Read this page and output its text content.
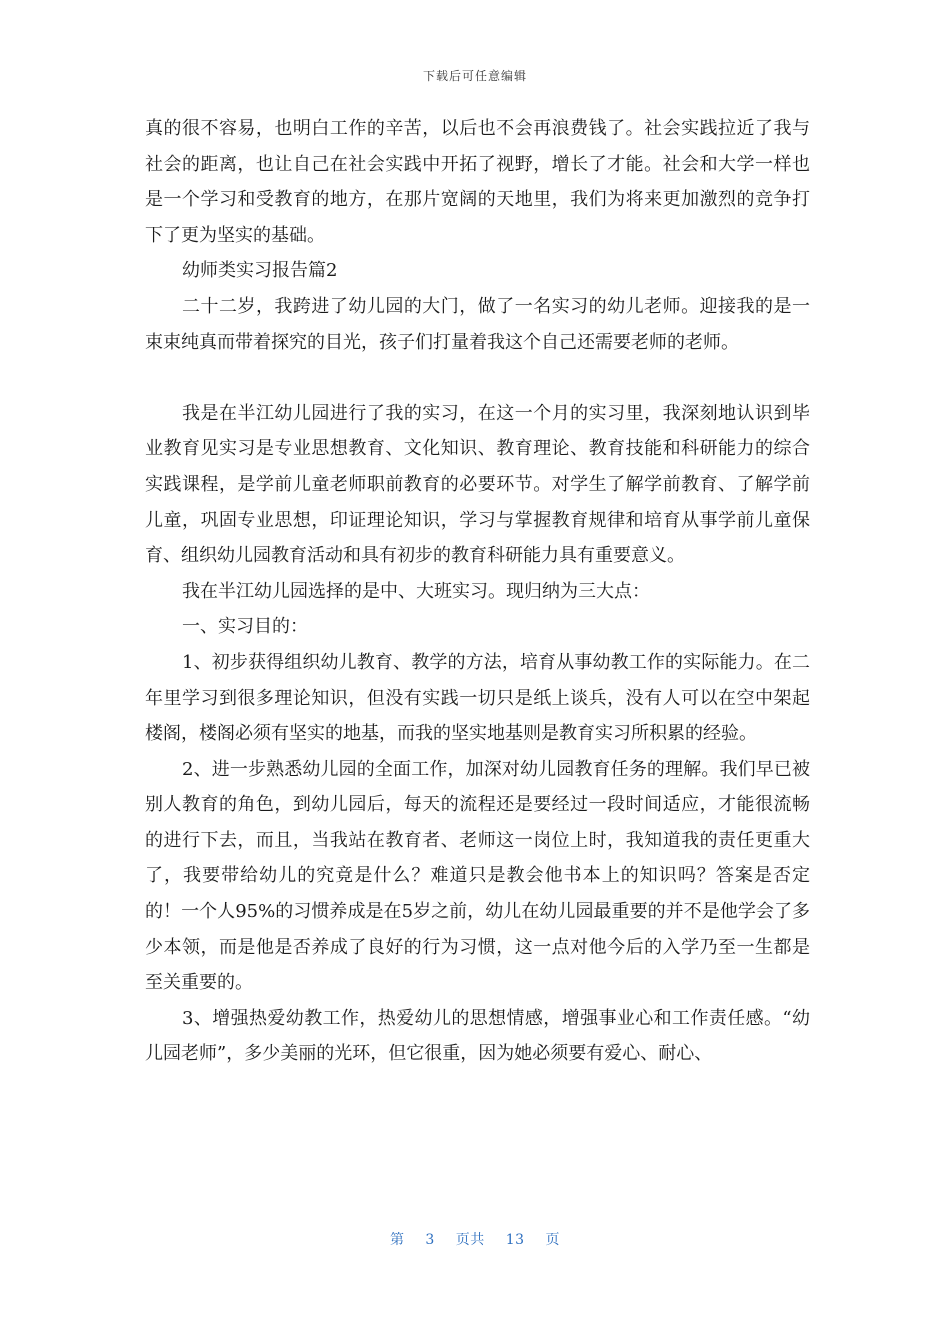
下载后可任意编辑

真的很不容易，也明白工作的辛苦，以后也不会再浪费钱了。社会实践拉近了我与社会的距离，也让自己在社会实践中开拓了视野，增长了才能。社会和大学一样也是一个学习和受教育的地方，在那片宽阔的天地里，我们为将来更加激烈的竞争打下了更为坚实的基础。

幼师类实习报告篇2

二十二岁，我跨进了幼儿园的大门，做了一名实习的幼儿老师。迎接我的是一束束纯真而带着探究的目光，孩子们打量着我这个自己还需要老师的老师。

我是在半江幼儿园进行了我的实习，在这一个月的实习里，我深刻地认识到毕业教育见实习是专业思想教育、文化知识、教育理论、教育技能和科研能力的综合实践课程，是学前儿童老师职前教育的必要环节。对学生了解学前教育、了解学前儿童，巩固专业思想，印证理论知识，学习与掌握教育规律和培育从事学前儿童保育、组织幼儿园教育活动和具有初步的教育科研能力具有重要意义。

我在半江幼儿园选择的是中、大班实习。现归纳为三大点：

一、实习目的：

1、初步获得组织幼儿教育、教学的方法，培育从事幼教工作的实际能力。在二年里学习到很多理论知识，但没有实践一切只是纸上谈兵，没有人可以在空中架起楼阁，楼阁必须有坚实的地基，而我的坚实地基则是教育实习所积累的经验。

2、进一步熟悉幼儿园的全面工作，加深对幼儿园教育任务的理解。我们早已被别人教育的角色，到幼儿园后，每天的流程还是要经过一段时间适应，才能很流畅的进行下去，而且，当我站在教育者、老师这一岗位上时，我知道我的责任更重大了，我要带给幼儿的究竟是什么？难道只是教会他书本上的知识吗？答案是否定的！一个人95%的习惯养成是在5岁之前，幼儿在幼儿园最重要的并不是他学会了多少本领，而是他是否养成了良好的行为习惯，这一点对他今后的入学乃至一生都是至关重要的。

3、增强热爱幼教工作，热爱幼儿的思想情感，增强事业心和工作责任感。“幼儿园老师”，多少美丽的光环，但它很重，因为她必须要有爱心、耐心、

第 3 页共 13 页
